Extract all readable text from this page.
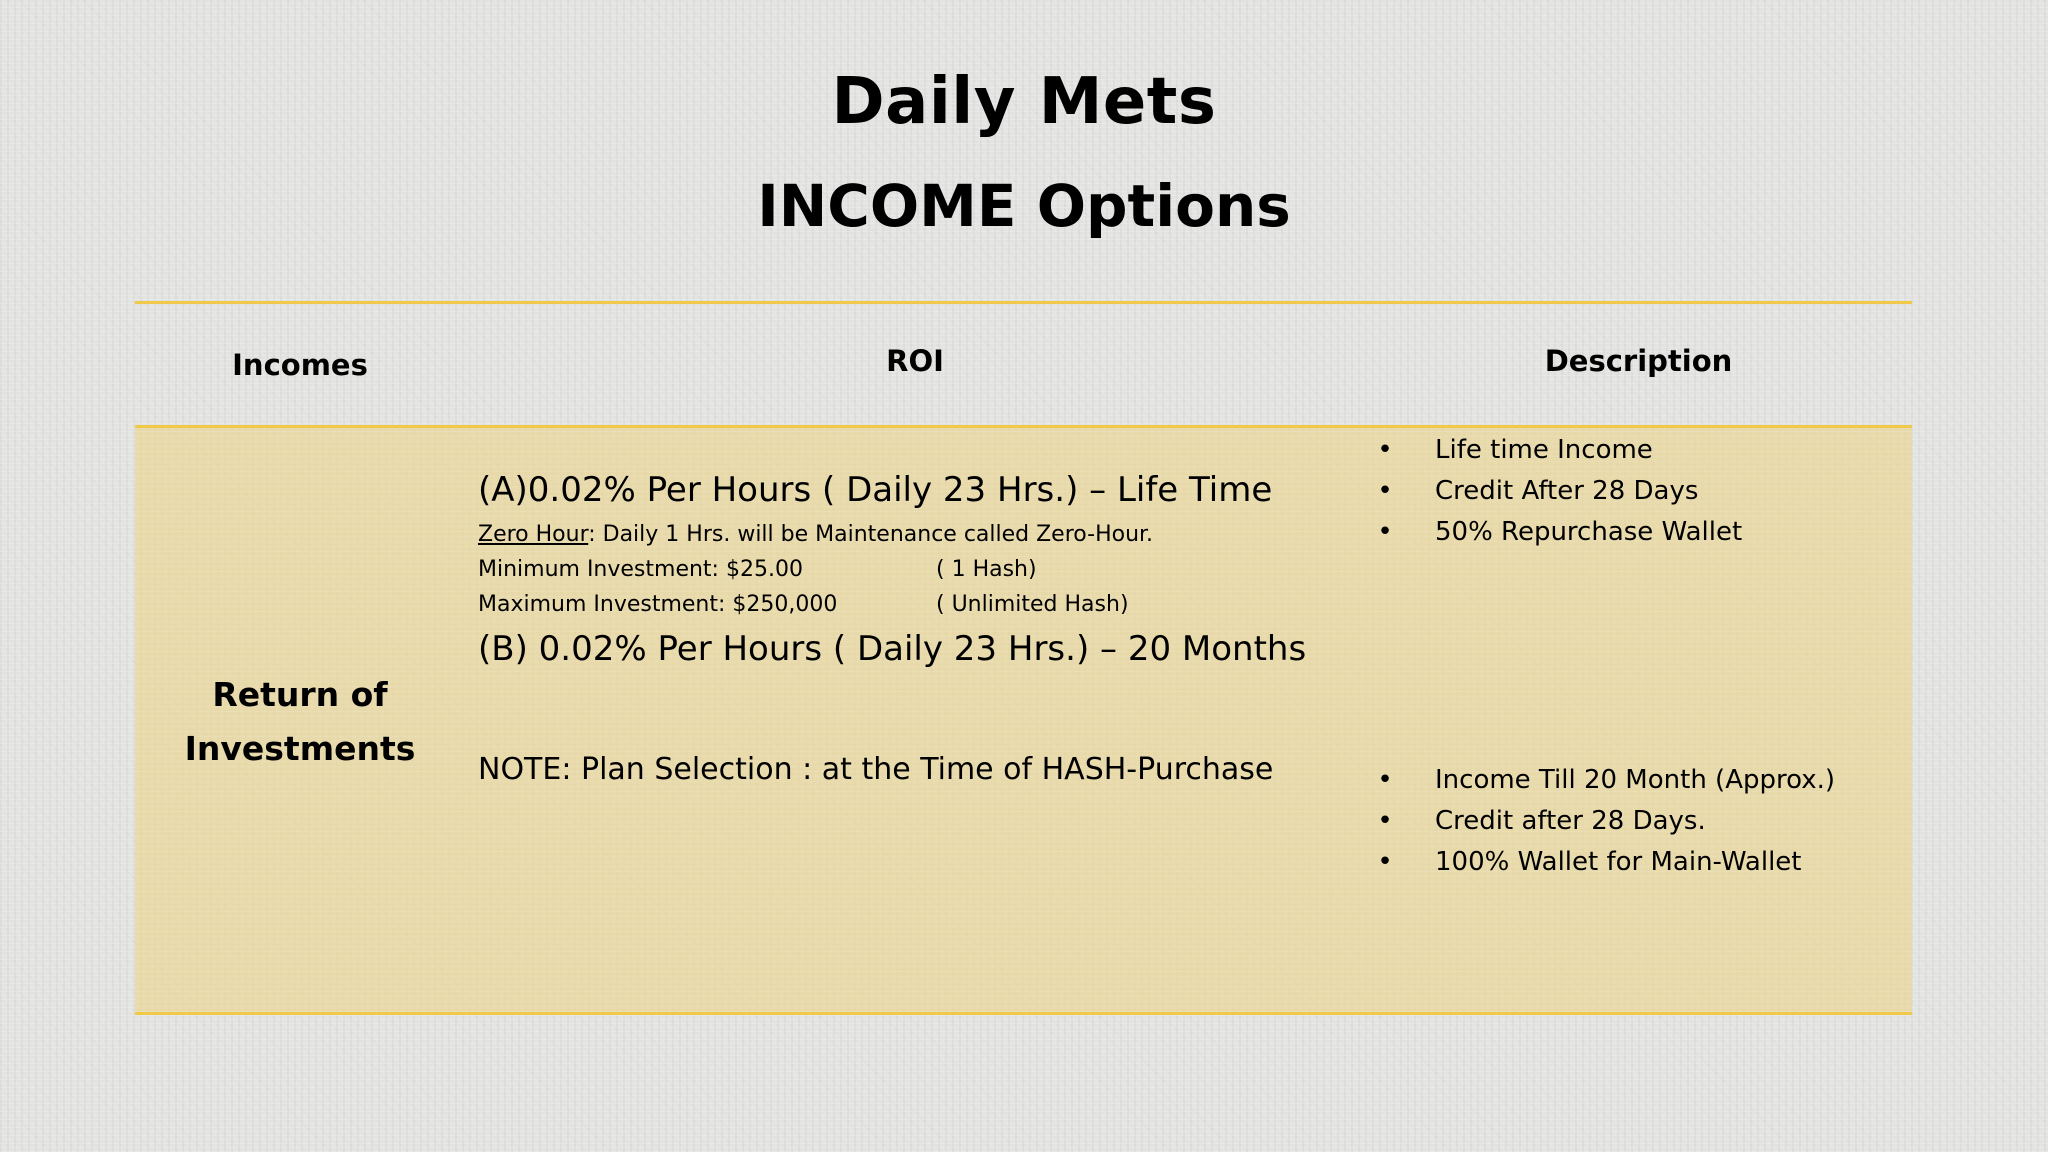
Daily Mets
INCOME Options
Incomes	ROI	Description
Return of
Investments
(A)0.02% Per Hours ( Daily 23 Hrs.) – Life Time
Zero Hour: Daily 1 Hrs. will be Maintenance called Zero-Hour.
Minimum Investment: $25.00	( 1 Hash)
Maximum Investment: $250,000	( Unlimited Hash)
(B) 0.02% Per Hours ( Daily 23 Hrs.) – 20 Months
NOTE: Plan Selection : at the Time of HASH-Purchase
• Life time Income
• Credit After 28 Days
• 50% Repurchase Wallet
• Income Till 20 Month (Approx.)
• Credit after 28 Days.
• 100% Wallet for Main-Wallet
